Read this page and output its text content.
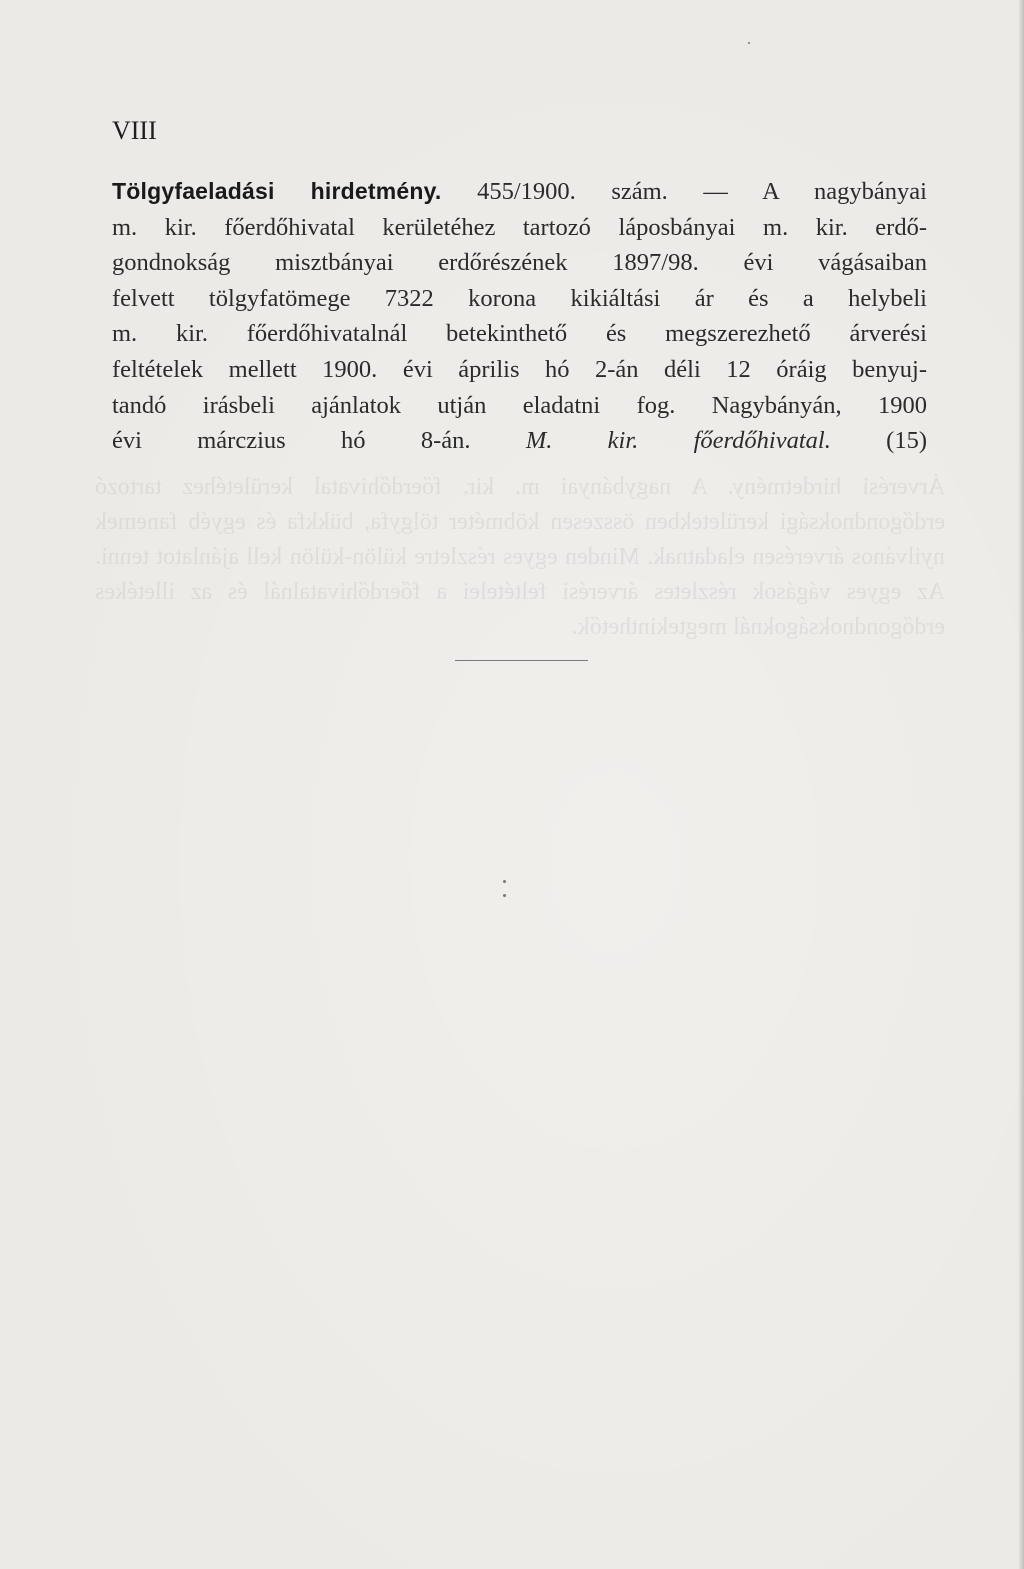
Árverési hirdetmény. A nagybányai m. kir. főerdőhivatal kerületéhez tartozó erdőgondnoksági kerületekben összesen köbméter tölgyfa, bükkfa és egyéb fanemek nyilvános árverésen eladatnak. Minden egyes részletre külön-külön kell ajánlatot tenni. Az egyes vágások részletes árverési feltételei a főerdőhivatalnál és az illetékes erdőgondnokságoknál megtekinthetők.
VIII
Tölgyfaeladási hirdetmény. 455/1900. szám. — A nagybányai
m. kir. főerdőhivatal kerületéhez tartozó láposbányai m. kir. erdő-
gondnokság misztbányai erdőrészének 1897/98. évi vágásaiban
felvett tölgyfatömege 7322 korona kikiáltási ár és a helybeli
m. kir. főerdőhivatalnál betekinthető és megszerezhető árverési
feltételek mellett 1900. évi április hó 2-án déli 12 óráig benyuj-
tandó irásbeli ajánlatok utján eladatni fog. Nagybányán, 1900
évi márczius hó 8-án. M. kir. főerdőhivatal. (15)
